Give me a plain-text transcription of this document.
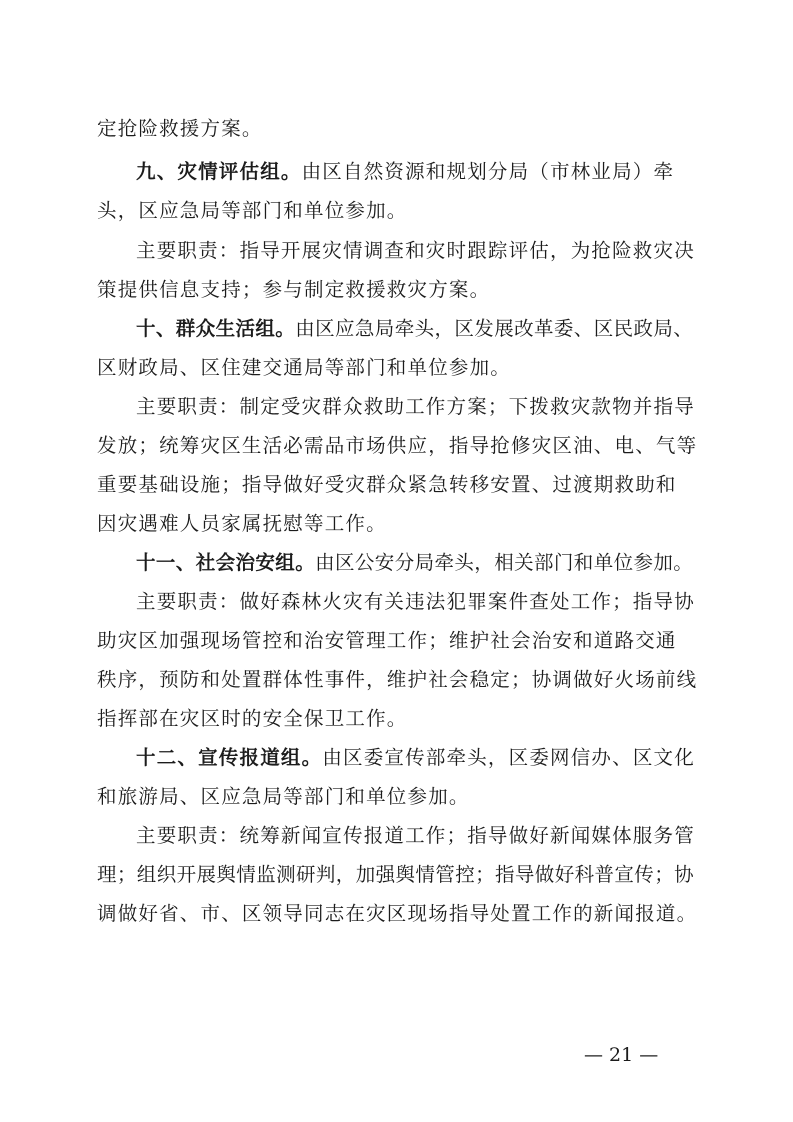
定抢险救援方案。
九、灾情评估组。由区自然资源和规划分局（市林业局）牵
头，区应急局等部门和单位参加。
主要职责：指导开展灾情调查和灾时跟踪评估，为抢险救灾决
策提供信息支持；参与制定救援救灾方案。
十、群众生活组。由区应急局牵头，区发展改革委、区民政局、
区财政局、区住建交通局等部门和单位参加。
主要职责：制定受灾群众救助工作方案；下拨救灾款物并指导
发放；统筹灾区生活必需品市场供应，指导抢修灾区油、电、气等
重要基础设施；指导做好受灾群众紧急转移安置、过渡期救助和
因灾遇难人员家属抚慰等工作。
十一、社会治安组。由区公安分局牵头，相关部门和单位参加。
主要职责：做好森林火灾有关违法犯罪案件查处工作；指导协
助灾区加强现场管控和治安管理工作；维护社会治安和道路交通
秩序，预防和处置群体性事件，维护社会稳定；协调做好火场前线
指挥部在灾区时的安全保卫工作。
十二、宣传报道组。由区委宣传部牵头，区委网信办、区文化
和旅游局、区应急局等部门和单位参加。
主要职责：统筹新闻宣传报道工作；指导做好新闻媒体服务管
理；组织开展舆情监测研判，加强舆情管控；指导做好科普宣传；协
调做好省、市、区领导同志在灾区现场指导处置工作的新闻报道。
— 21 —
